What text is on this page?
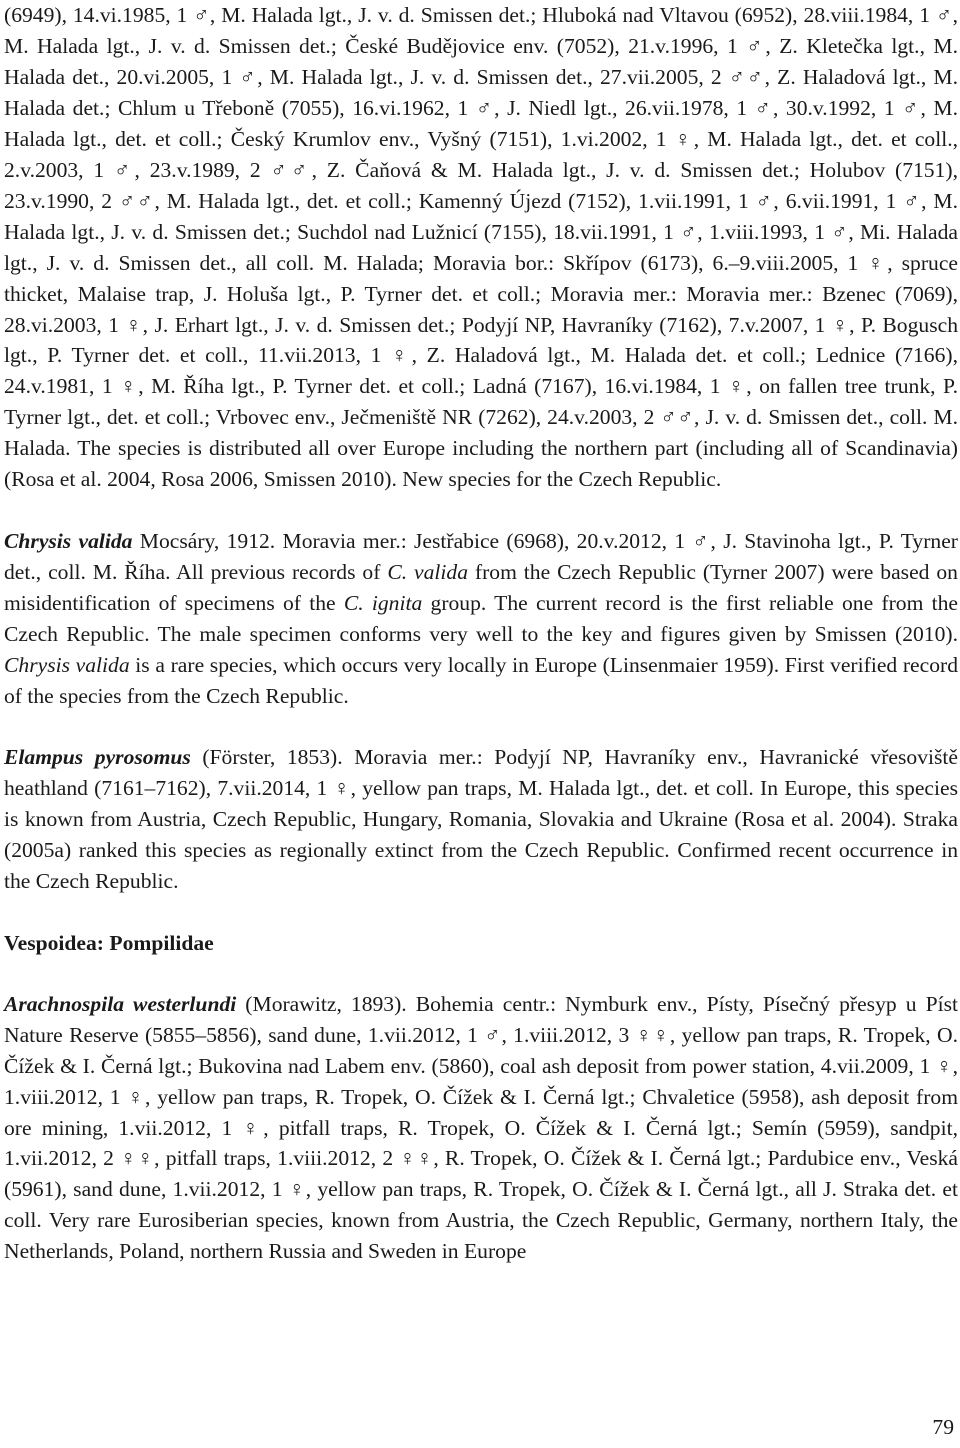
(6949), 14.vi.1985, 1 ♂, M. Halada lgt., J. v. d. Smissen det.; Hluboká nad Vltavou (6952), 28.viii.1984, 1 ♂, M. Halada lgt., J. v. d. Smissen det.; České Budějovice env. (7052), 21.v.1996, 1 ♂, Z. Kletečka lgt., M. Halada det., 20.vi.2005, 1 ♂, M. Halada lgt., J. v. d. Smissen det., 27.vii.2005, 2 ♂♂, Z. Haladová lgt., M. Halada det.; Chlum u Třeboně (7055), 16.vi.1962, 1 ♂, J. Niedl lgt., 26.vii.1978, 1 ♂, 30.v.1992, 1 ♂, M. Halada lgt., det. et coll.; Český Krumlov env., Vyšný (7151), 1.vi.2002, 1 ♀, M. Halada lgt., det. et coll., 2.v.2003, 1 ♂, 23.v.1989, 2 ♂♂, Z. Čaňová & M. Halada lgt., J. v. d. Smissen det.; Holubov (7151), 23.v.1990, 2 ♂♂, M. Halada lgt., det. et coll.; Kamenný Újezd (7152), 1.vii.1991, 1 ♂, 6.vii.1991, 1 ♂, M. Halada lgt., J. v. d. Smissen det.; Suchdol nad Lužnicí (7155), 18.vii.1991, 1 ♂, 1.viii.1993, 1 ♂, Mi. Halada lgt., J. v. d. Smissen det., all coll. M. Halada; Moravia bor.: Skřípov (6173), 6.–9.viii.2005, 1 ♀, spruce thicket, Malaise trap, J. Holuša lgt., P. Tyrner det. et coll.; Moravia mer.: Moravia mer.: Bzenec (7069), 28.vi.2003, 1 ♀, J. Erhart lgt., J. v. d. Smissen det.; Podyjí NP, Havraníky (7162), 7.v.2007, 1 ♀, P. Bogusch lgt., P. Tyrner det. et coll., 11.vii.2013, 1 ♀, Z. Haladová lgt., M. Halada det. et coll.; Lednice (7166), 24.v.1981, 1 ♀, M. Říha lgt., P. Tyrner det. et coll.; Ladná (7167), 16.vi.1984, 1 ♀, on fallen tree trunk, P. Tyrner lgt., det. et coll.; Vrbovec env., Ječmeniště NR (7262), 24.v.2003, 2 ♂♂, J. v. d. Smissen det., coll. M. Halada. The species is distributed all over Europe including the northern part (including all of Scandinavia) (Rosa et al. 2004, Rosa 2006, Smissen 2010). New species for the Czech Republic.

Chrysis valida Mocsáry, 1912. Moravia mer.: Jestřabice (6968), 20.v.2012, 1 ♂, J. Stavinoha lgt., P. Tyrner det., coll. M. Říha. All previous records of C. valida from the Czech Republic (Tyrner 2007) were based on misidentification of specimens of the C. ignita group. The current record is the first reliable one from the Czech Republic. The male specimen conforms very well to the key and figures given by Smissen (2010). Chrysis valida is a rare species, which occurs very locally in Europe (Linsenmaier 1959). First verified record of the species from the Czech Republic.

Elampus pyrosomus (Förster, 1853). Moravia mer.: Podyjí NP, Havraníky env., Havranické vřesoviště heathland (7161–7162), 7.vii.2014, 1 ♀, yellow pan traps, M. Halada lgt., det. et coll. In Europe, this species is known from Austria, Czech Republic, Hungary, Romania, Slovakia and Ukraine (Rosa et al. 2004). Straka (2005a) ranked this species as regionally extinct from the Czech Republic. Confirmed recent occurrence in the Czech Republic.

Vespoidea: Pompilidae

Arachnospila westerlundi (Morawitz, 1893). Bohemia centr.: Nymburk env., Písty, Písečný přesyp u Píst Nature Reserve (5855–5856), sand dune, 1.vii.2012, 1 ♂, 1.viii.2012, 3 ♀♀, yellow pan traps, R. Tropek, O. Čížek & I. Černá lgt.; Bukovina nad Labem env. (5860), coal ash deposit from power station, 4.vii.2009, 1 ♀, 1.viii.2012, 1 ♀, yellow pan traps, R. Tropek, O. Čížek & I. Černá lgt.; Chvaletice (5958), ash deposit from ore mining, 1.vii.2012, 1 ♀, pitfall traps, R. Tropek, O. Čížek & I. Černá lgt.; Semín (5959), sandpit, 1.vii.2012, 2 ♀♀, pitfall traps, 1.viii.2012, 2 ♀♀, R. Tropek, O. Čížek & I. Černá lgt.; Pardubice env., Veská (5961), sand dune, 1.vii.2012, 1 ♀, yellow pan traps, R. Tropek, O. Čížek & I. Černá lgt., all J. Straka det. et coll. Very rare Eurosiberian species, known from Austria, the Czech Republic, Germany, northern Italy, the Netherlands, Poland, northern Russia and Sweden in Europe

79
